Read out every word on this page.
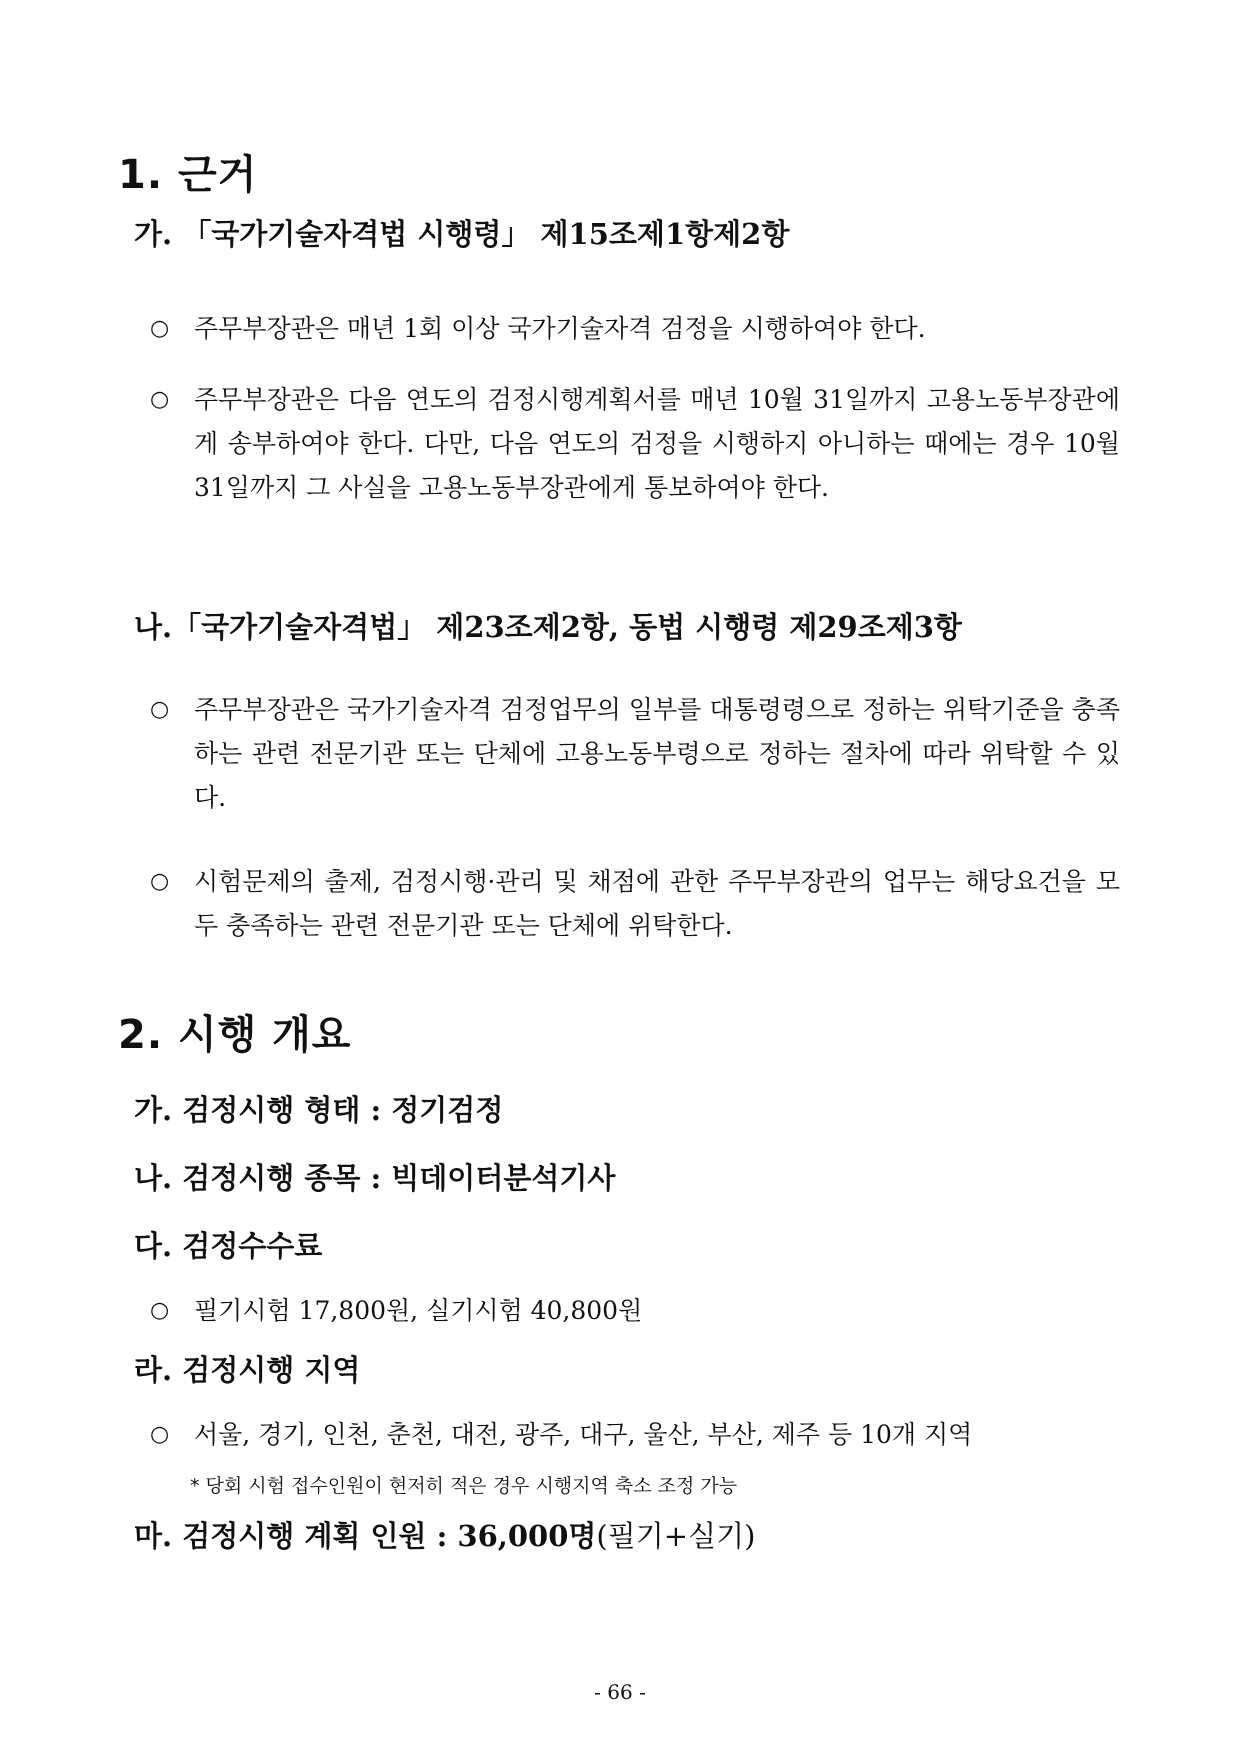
1. 근거
가. 「국가기술자격법 시행령」 제15조제1항제2항
○ 주무부장관은 매년 1회 이상 국가기술자격 검정을 시행하여야 한다.
○ 주무부장관은 다음 연도의 검정시행계획서를 매년 10월 31일까지 고용노동부장관에게 송부하여야 한다. 다만, 다음 연도의 검정을 시행하지 아니하는 때에는 경우 10월 31일까지 그 사실을 고용노동부장관에게 통보하여야 한다.
나.「국가기술자격법」 제23조제2항, 동법 시행령 제29조제3항
○ 주무부장관은 국가기술자격 검정업무의 일부를 대통령령으로 정하는 위탁기준을 충족하는 관련 전문기관 또는 단체에 고용노동부령으로 정하는 절차에 따라 위탁할 수 있다.
○ 시험문제의 출제, 검정시행·관리 및 채점에 관한 주무부장관의 업무는 해당요건을 모두 충족하는 관련 전문기관 또는 단체에 위탁한다.
2. 시행 개요
가. 검정시행 형태 : 정기검정
나. 검정시행 종목 : 빅데이터분석기사
다. 검정수수료
○ 필기시험 17,800원, 실기시험 40,800원
라. 검정시행 지역
○ 서울, 경기, 인천, 춘천, 대전, 광주, 대구, 울산, 부산, 제주 등 10개 지역
* 당회 시험 접수인원이 현저히 적은 경우 시행지역 축소 조정 가능
마. 검정시행 계획 인원 : 36,000명(필기+실기)
- 66 -
